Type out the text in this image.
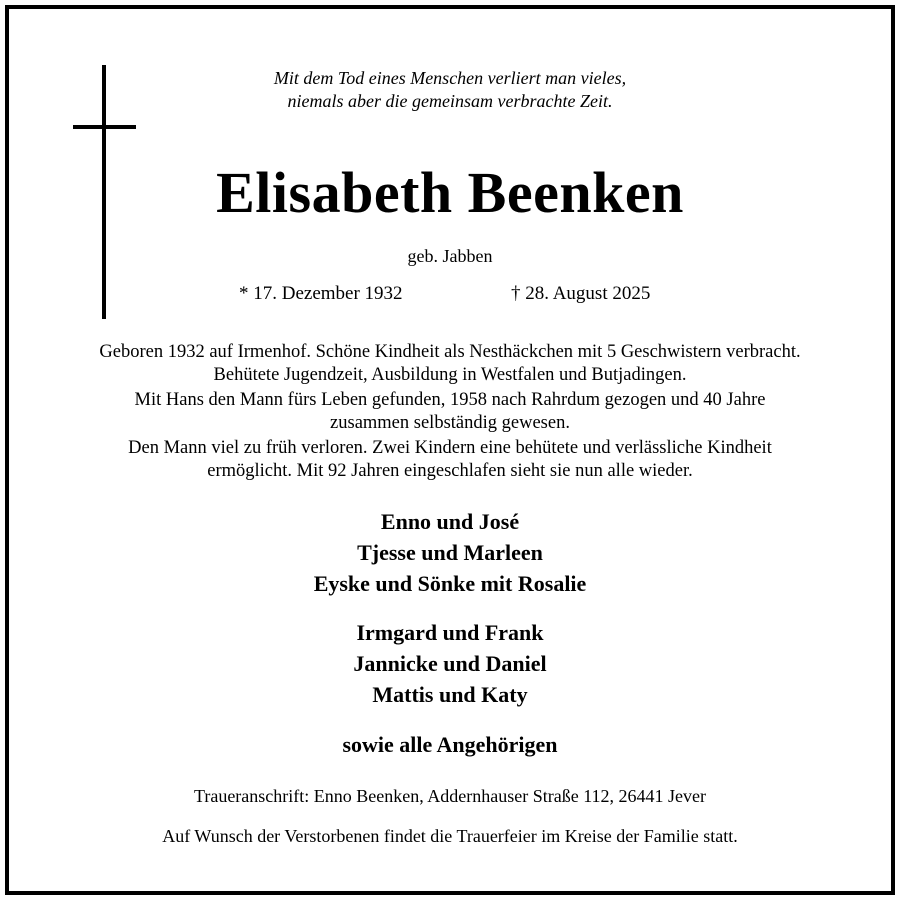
Mit dem Tod eines Menschen verliert man vieles,
niemals aber die gemeinsam verbrachte Zeit.
Elisabeth Beenken
geb. Jabben
* 17. Dezember 1932	† 28. August 2025
Geboren 1932 auf Irmenhof. Schöne Kindheit als Nesthäckchen mit 5 Geschwistern verbracht.
Behütete Jugendzeit, Ausbildung in Westfalen und Butjadingen.
Mit Hans den Mann fürs Leben gefunden, 1958 nach Rahrdum gezogen und 40 Jahre
zusammen selbständig gewesen.
Den Mann viel zu früh verloren. Zwei Kindern eine behütete und verlässliche Kindheit
ermöglicht. Mit 92 Jahren eingeschlafen sieht sie nun alle wieder.
Enno und José
Tjesse und Marleen
Eyske und Sönke mit Rosalie
Irmgard und Frank
Jannicke und Daniel
Mattis und Katy
sowie alle Angehörigen
Traueranschrift: Enno Beenken, Addernhauser Straße 112, 26441 Jever
Auf Wunsch der Verstorbenen findet die Trauerfeier im Kreise der Familie statt.
